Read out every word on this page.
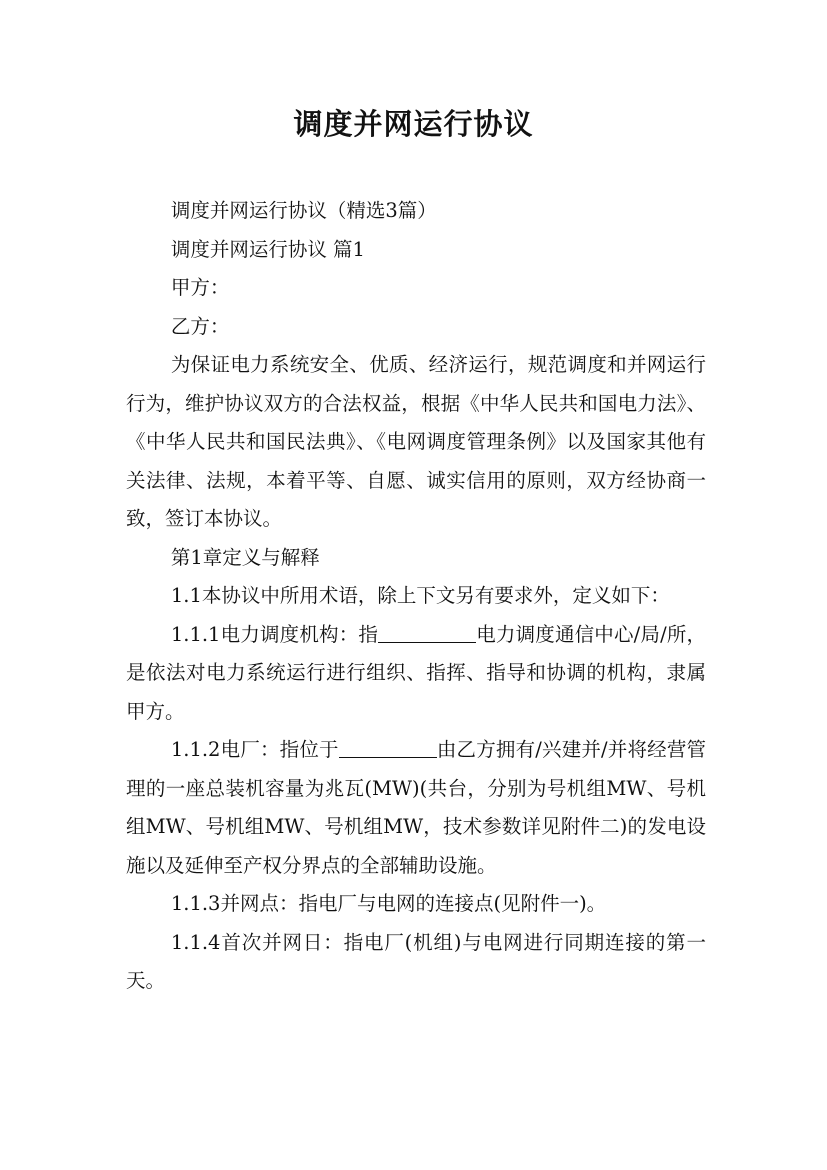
调度并网运行协议

调度并网运行协议（精选3篇）

调度并网运行协议 篇1

甲方：

乙方：

为保证电力系统安全、优质、经济运行，规范调度和并网运行行为，维护协议双方的合法权益，根据《中华人民共和国电力法》、《中华人民共和国民法典》、《电网调度管理条例》以及国家其他有关法律、法规，本着平等、自愿、诚实信用的原则，双方经协商一致，签订本协议。

第1章定义与解释

1.1本协议中所用术语，除上下文另有要求外，定义如下：

1.1.1电力调度机构：指	电力调度通信中心/局/所，是依法对电力系统运行进行组织、指挥、指导和协调的机构，隶属甲方。

1.1.2电厂：指位于	由乙方拥有/兴建并/并将经营管理的一座总装机容量为兆瓦(MW)(共台，分别为号机组MW、号机组MW、号机组MW、号机组MW，技术参数详见附件二)的发电设施以及延伸至产权分界点的全部辅助设施。

1.1.3并网点：指电厂与电网的连接点(见附件一)。

1.1.4首次并网日：指电厂(机组)与电网进行同期连接的第一天。
